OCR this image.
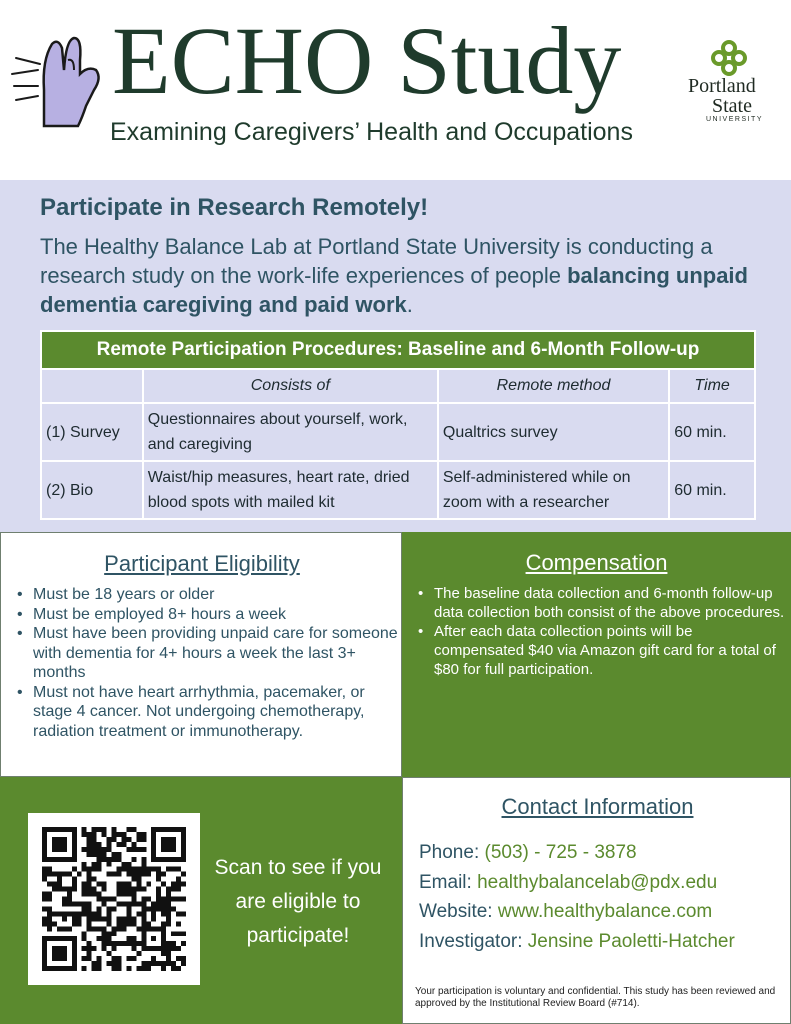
ECHO Study
Examining Caregivers’ Health and Occupations
Portland
State
UNIVERSITY
Participate in Research Remotely!
The Healthy Balance Lab at Portland State University is conducting a research study on the work-life experiences of people balancing unpaid dementia caregiving and paid work.
Remote Participation Procedures: Baseline and 6-Month Follow-up			
	Consists of	Remote method	Time
(1) Survey	Questionnaires about yourself, work, and caregiving	Qualtrics survey	60 min.
(2) Bio	Waist/hip measures, heart rate, dried blood spots with mailed kit	Self-administered while on zoom with a researcher	60 min.
Participant Eligibility
• Must be 18 years or older
• Must be employed 8+ hours a week
• Must have been providing unpaid care for someone with dementia for 4+ hours a week the last 3+ months
• Must not have heart arrhythmia, pacemaker, or stage 4 cancer. Not undergoing chemotherapy, radiation treatment or immunotherapy.
Compensation
• The baseline data collection and 6-month follow-up data collection both consist of the above procedures.
• After each data collection points will be compensated $40 via Amazon gift card for a total of $80 for full participation.
Scan to see if you are eligible to participate!
Contact Information
Phone: (503) - 725 - 3878
Email: healthybalancelab@pdx.edu
Website: www.healthybalance.com
Investigator: Jensine Paoletti-Hatcher
Your participation is voluntary and confidential. This study has been reviewed and approved by the Institutional Review Board (#714).
